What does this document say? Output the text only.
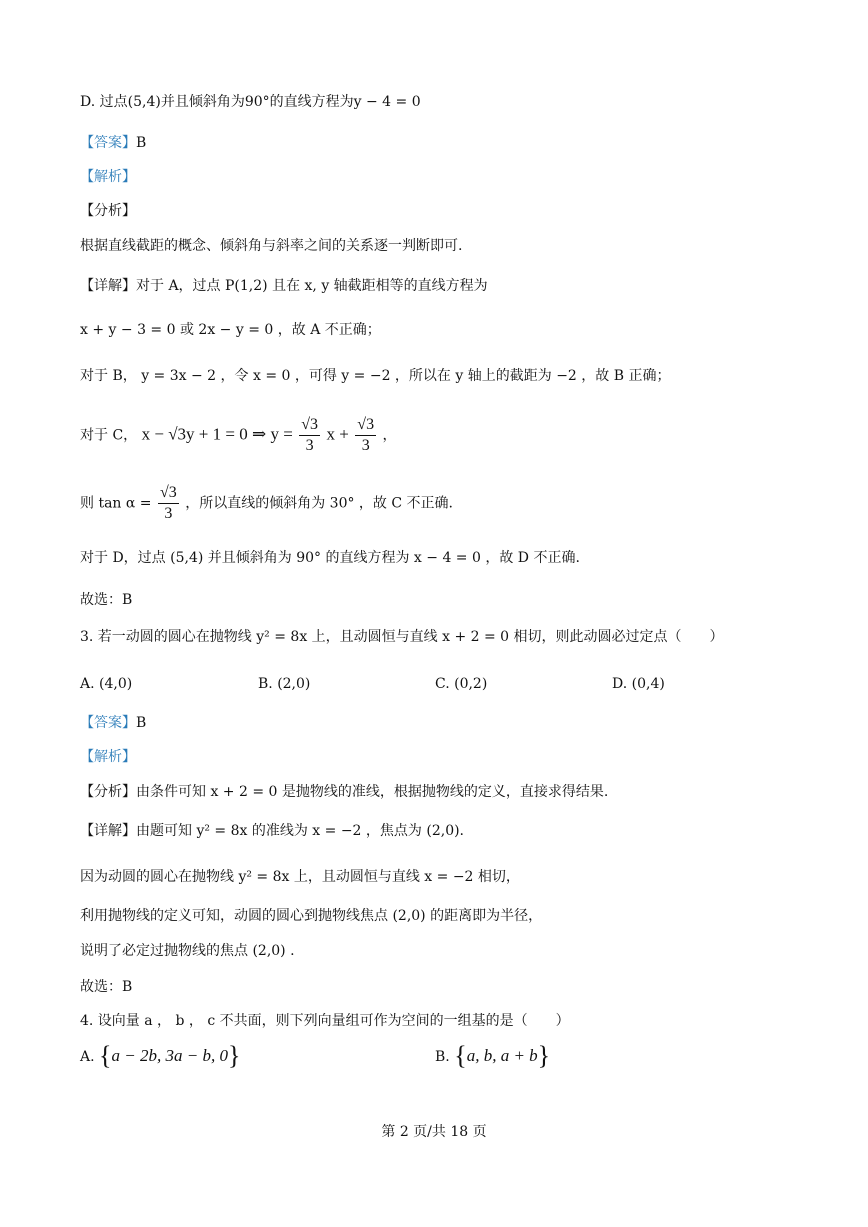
D. 过点(5,4)并且倾斜角为90°的直线方程为y − 4 = 0
【答案】B
【解析】
【分析】
根据直线截距的概念、倾斜角与斜率之间的关系逐一判断即可.
【详解】对于 A，过点 P(1,2) 且在 x, y 轴截距相等的直线方程为
x + y − 3 = 0 或 2x − y = 0 ，故 A 不正确；
对于 B， y = 3x − 2 ，令 x = 0 ，可得 y = −2 ，所以在 y 轴上的截距为 −2 ，故 B 正确；
对于 C， x − √3y + 1 = 0 ⇒ $y = \frac{√3}{3}$ $x + \frac{√3}{3}$ ，
则 $\tan \alpha = \frac{√3}{3}$ ，所以直线的倾斜角为 30° ，故 C 不正确.
对于 D，过点 (5,4) 并且倾斜角为 90° 的直线方程为 x − 4 = 0 ，故 D 不正确.
故选：B
3. 若一动圆的圆心在抛物线 y² = 8x 上，且动圆恒与直线 x + 2 = 0 相切，则此动圆必过定点（　　）
A. (4,0)	B. (2,0)	C. (0,2)	D. (0,4)
【答案】B
【解析】
【分析】由条件可知 x + 2 = 0 是抛物线的准线，根据抛物线的定义，直接求得结果.
【详解】由题可知 y² = 8x 的准线为 x = −2 ，焦点为 (2,0).
因为动圆的圆心在抛物线 y² = 8x 上，且动圆恒与直线 x = −2 相切，
利用抛物线的定义可知，动圆的圆心到抛物线焦点 (2,0) 的距离即为半径，
说明了必定过抛物线的焦点 (2,0) .
故选：B
4. 设向量 a ， b ， c 不共面，则下列向量组可作为空间的一组基的是（　　）
A. {a − 2b, 3a − b, 0}	B. {a, b, a + b}
第 2 页/共 18 页
